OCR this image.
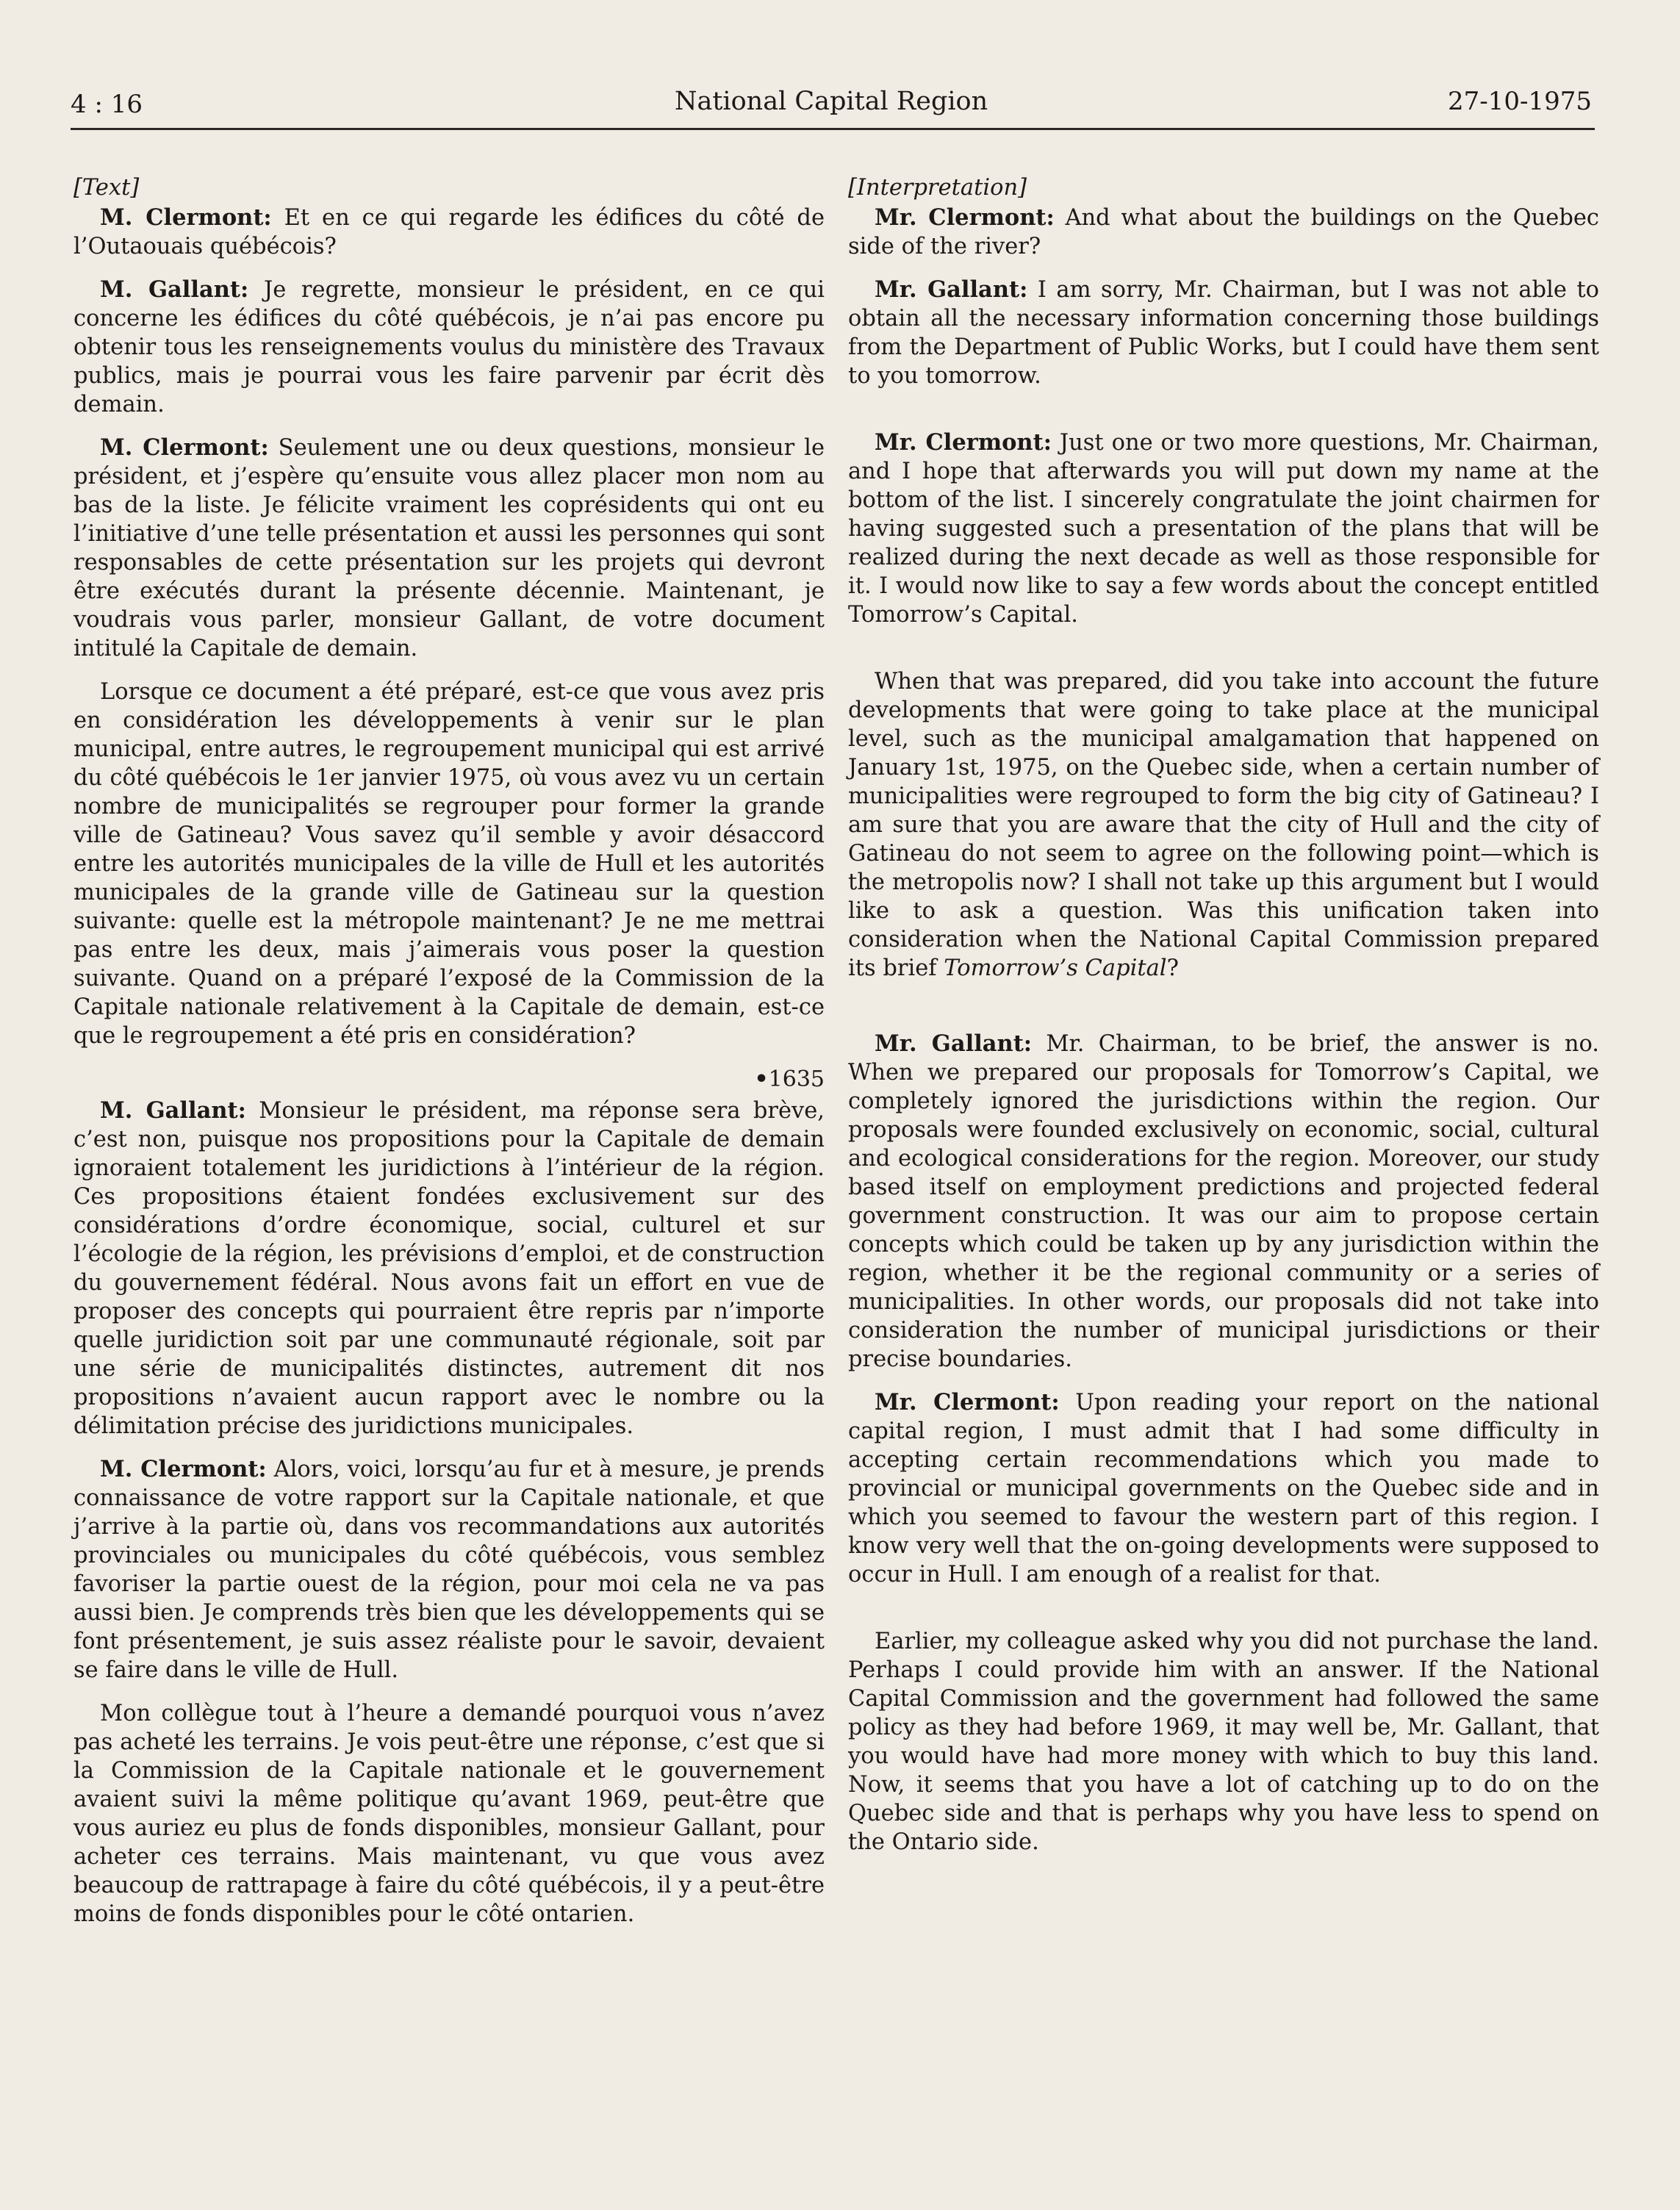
4 : 16	National Capital Region	27-10-1975

[Text]

M. Clermont: Et en ce qui regarde les édifices du côté de l’Outaouais québécois?

M. Gallant: Je regrette, monsieur le président, en ce qui concerne les édifices du côté québécois, je n’ai pas encore pu obtenir tous les renseignements voulus du ministère des Travaux publics, mais je pourrai vous les faire parvenir par écrit dès demain.

M. Clermont: Seulement une ou deux questions, monsieur le président, et j’espère qu’ensuite vous allez placer mon nom au bas de la liste. Je félicite vraiment les coprésidents qui ont eu l’initiative d’une telle présentation et aussi les personnes qui sont responsables de cette présentation sur les projets qui devront être exécutés durant la présente décennie. Maintenant, je voudrais vous parler, monsieur Gallant, de votre document intitulé la Capitale de demain.

Lorsque ce document a été préparé, est-ce que vous avez pris en considération les développements à venir sur le plan municipal, entre autres, le regroupement municipal qui est arrivé du côté québécois le 1er janvier 1975, où vous avez vu un certain nombre de municipalités se regrouper pour former la grande ville de Gatineau? Vous savez qu’il semble y avoir désaccord entre les autorités municipales de la ville de Hull et les autorités municipales de la grande ville de Gatineau sur la question suivante: quelle est la métropole maintenant? Je ne me mettrai pas entre les deux, mais j’aimerais vous poser la question suivante. Quand on a préparé l’exposé de la Commission de la Capitale nationale relativement à la Capitale de demain, est-ce que le regroupement a été pris en considération?

• 1635

M. Gallant: Monsieur le président, ma réponse sera brève, c’est non, puisque nos propositions pour la Capitale de demain ignoraient totalement les juridictions à l’intérieur de la région. Ces propositions étaient fondées exclusivement sur des considérations d’ordre économique, social, culturel et sur l’écologie de la région, les prévisions d’emploi, et de construction du gouvernement fédéral. Nous avons fait un effort en vue de proposer des concepts qui pourraient être repris par n’importe quelle juridiction soit par une communauté régionale, soit par une série de municipalités distinctes, autrement dit nos propositions n’avaient aucun rapport avec le nombre ou la délimitation précise des juridictions municipales.

M. Clermont: Alors, voici, lorsqu’au fur et à mesure, je prends connaissance de votre rapport sur la Capitale nationale, et que j’arrive à la partie où, dans vos recommandations aux autorités provinciales ou municipales du côté québécois, vous semblez favoriser la partie ouest de la région, pour moi cela ne va pas aussi bien. Je comprends très bien que les développements qui se font présentement, je suis assez réaliste pour le savoir, devaient se faire dans le ville de Hull.

Mon collègue tout à l’heure a demandé pourquoi vous n’avez pas acheté les terrains. Je vois peut-être une réponse, c’est que si la Commission de la Capitale nationale et le gouvernement avaient suivi la même politique qu’avant 1969, peut-être que vous auriez eu plus de fonds disponibles, monsieur Gallant, pour acheter ces terrains. Mais maintenant, vu que vous avez beaucoup de rattrapage à faire du côté québécois, il y a peut-être moins de fonds disponibles pour le côté ontarien.

[Interpretation]

Mr. Clermont: And what about the buildings on the Quebec side of the river?

Mr. Gallant: I am sorry, Mr. Chairman, but I was not able to obtain all the necessary information concerning those buildings from the Department of Public Works, but I could have them sent to you tomorrow.

Mr. Clermont: Just one or two more questions, Mr. Chairman, and I hope that afterwards you will put down my name at the bottom of the list. I sincerely congratulate the joint chairmen for having suggested such a presentation of the plans that will be realized during the next decade as well as those responsible for it. I would now like to say a few words about the concept entitled Tomorrow’s Capital.

When that was prepared, did you take into account the future developments that were going to take place at the municipal level, such as the municipal amalgamation that happened on January 1st, 1975, on the Quebec side, when a certain number of municipalities were regrouped to form the big city of Gatineau? I am sure that you are aware that the city of Hull and the city of Gatineau do not seem to agree on the following point—which is the metropolis now? I shall not take up this argument but I would like to ask a question. Was this unification taken into consideration when the National Capital Commission prepared its brief Tomorrow’s Capital?

Mr. Gallant: Mr. Chairman, to be brief, the answer is no. When we prepared our proposals for Tomorrow’s Capital, we completely ignored the jurisdictions within the region. Our proposals were founded exclusively on economic, social, cultural and ecological considerations for the region. Moreover, our study based itself on employment predictions and projected federal government construction. It was our aim to propose certain concepts which could be taken up by any jurisdiction within the region, whether it be the regional community or a series of municipalities. In other words, our proposals did not take into consideration the number of municipal jurisdictions or their precise boundaries.

Mr. Clermont: Upon reading your report on the national capital region, I must admit that I had some difficulty in accepting certain recommendations which you made to provincial or municipal governments on the Quebec side and in which you seemed to favour the western part of this region. I know very well that the on-going developments were supposed to occur in Hull. I am enough of a realist for that.

Earlier, my colleague asked why you did not purchase the land. Perhaps I could provide him with an answer. If the National Capital Commission and the government had followed the same policy as they had before 1969, it may well be, Mr. Gallant, that you would have had more money with which to buy this land. Now, it seems that you have a lot of catching up to do on the Quebec side and that is perhaps why you have less to spend on the Ontario side.
